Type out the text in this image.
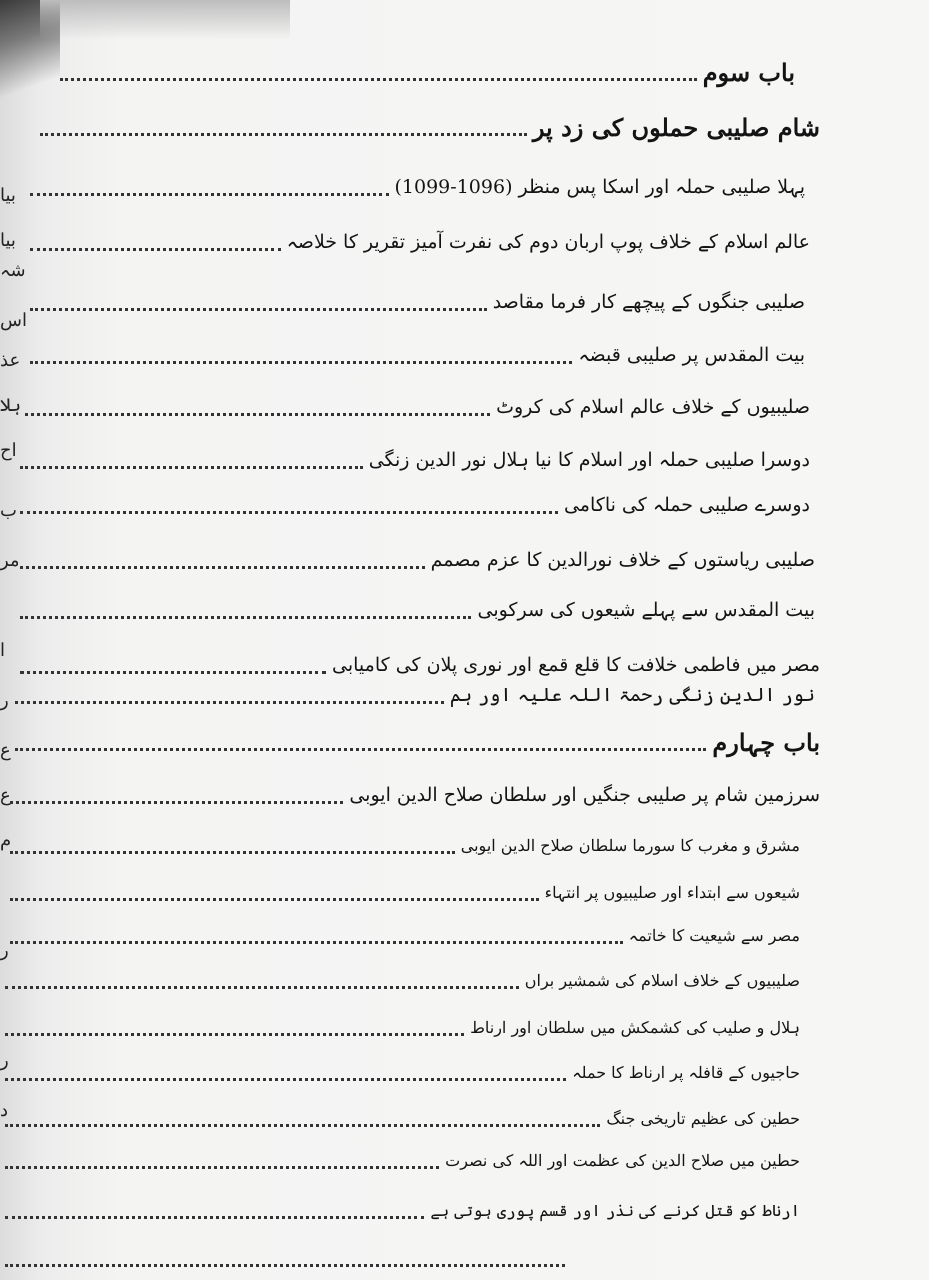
بیا
بیا
شہ
اس
عذ
ہلا
اح
ب
مر
ا
ر
ع
ع
م
ر
ر
د
باب سوم
شام صلیبی حملوں کی زد پر
پہلا صلیبی حملہ اور اسکا پس منظر (1096-1099)
عالم اسلام کے خلاف پوپ اربان دوم کی نفرت آمیز تقریر کا خلاصہ
صلیبی جنگوں کے پیچھے کار فرما مقاصد
بیت المقدس پر صلیبی قبضہ
صلیبیوں کے خلاف عالم اسلام کی کروٹ
دوسرا صلیبی حملہ اور اسلام کا نیا ہلال نور الدین زنگی
دوسرے صلیبی حملہ کی ناکامی
صلیبی ریاستوں کے خلاف نورالدین کا عزم مصمم
بیت المقدس سے پہلے شیعوں کی سرکوبی
مصر میں فاطمی خلافت کا قلع قمع اور نوری پلان کی کامیابی
نور الدین زنگی رحمۃ اللہ علیہ اور ہم
باب چہارم
سرزمین شام پر صلیبی جنگیں اور سلطان صلاح الدین ایوبی
مشرق و مغرب کا سورما سلطان صلاح الدین ایوبی
شیعوں سے ابتداء اور صلیبیوں پر انتہاء
مصر سے شیعیت کا خاتمہ
صلیبیوں کے خلاف اسلام کی شمشیر براں
ہلال و صلیب کی کشمکش میں سلطان اور ارناط
حاجیوں کے قافلہ پر ارناط کا حملہ
حطین کی عظیم تاریخی جنگ
حطین میں صلاح الدین کی عظمت اور اللہ کی نصرت
ارناط کو قتل کرنے کی نذر اور قسم پوری ہوتی ہے
